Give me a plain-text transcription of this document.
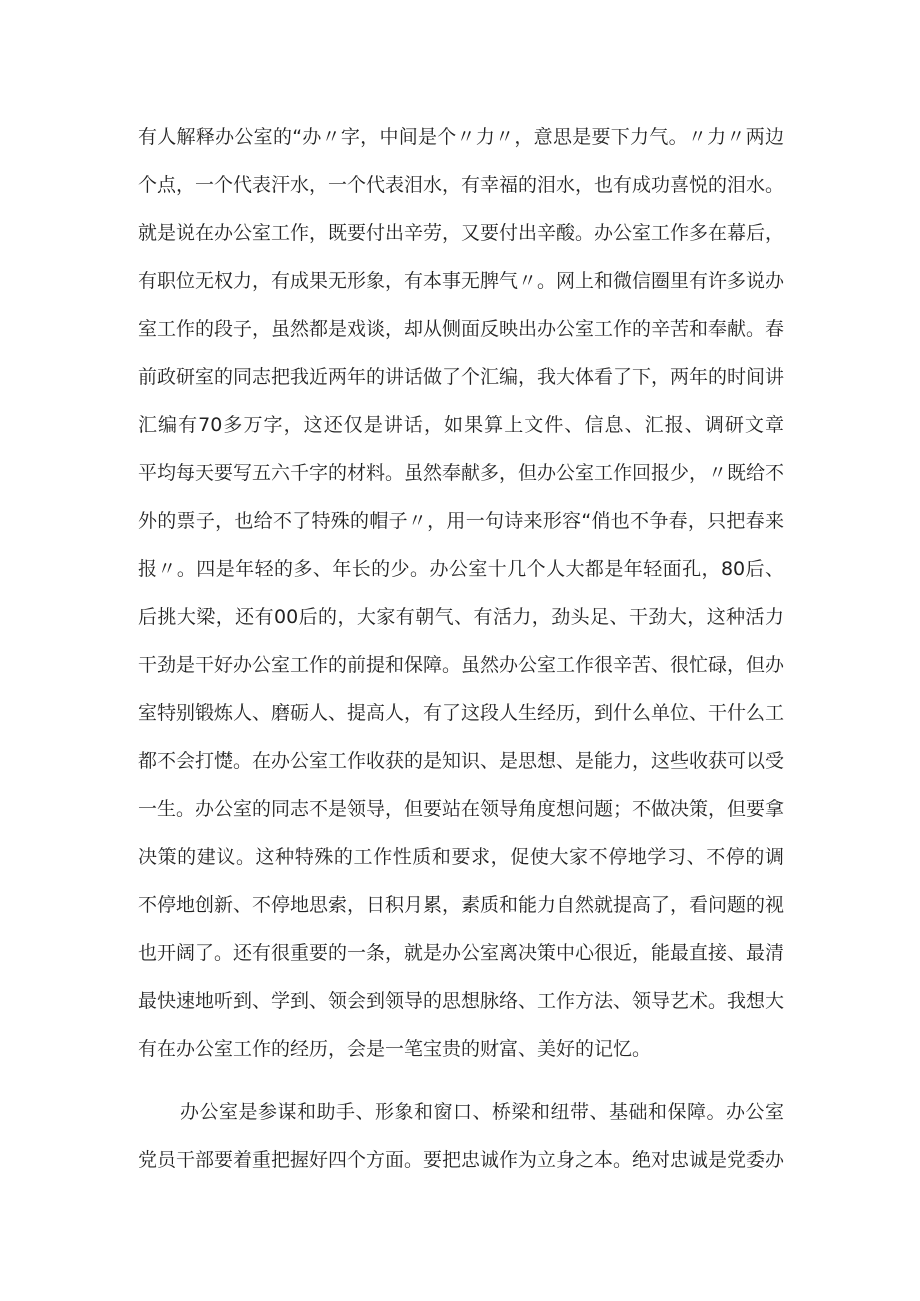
有人解释办公室的“办〃字，中间是个〃力〃，意思是要下力气。〃力〃两边
个点，一个代表汗水，一个代表泪水，有幸福的泪水，也有成功喜悦的泪水。
就是说在办公室工作，既要付出辛劳，又要付出辛酸。办公室工作多在幕后，
有职位无权力，有成果无形象，有本事无脾气〃。网上和微信圈里有许多说办
室工作的段子，虽然都是戏谈，却从侧面反映出办公室工作的辛苦和奉献。春
前政研室的同志把我近两年的讲话做了个汇编，我大体看了下，两年的时间讲
汇编有70多万字，这还仅是讲话，如果算上文件、信息、汇报、调研文章
平均每天要写五六千字的材料。虽然奉献多，但办公室工作回报少，〃既给不
外的票子，也给不了特殊的帽子〃，用一句诗来形容“俏也不争春，只把春来
报〃。四是年轻的多、年长的少。办公室十几个人大都是年轻面孔，80后、
后挑大梁，还有00后的，大家有朝气、有活力，劲头足、干劲大，这种活力
干劲是干好办公室工作的前提和保障。虽然办公室工作很辛苦、很忙碌，但办
室特别锻炼人、磨砺人、提高人，有了这段人生经历，到什么单位、干什么工
都不会打憷。在办公室工作收获的是知识、是思想、是能力，这些收获可以受
一生。办公室的同志不是领导，但要站在领导角度想问题；不做决策，但要拿
决策的建议。这种特殊的工作性质和要求，促使大家不停地学习、不停的调
不停地创新、不停地思索，日积月累，素质和能力自然就提高了，看问题的视
也开阔了。还有很重要的一条，就是办公室离决策中心很近，能最直接、最清
最快速地听到、学到、领会到领导的思想脉络、工作方法、领导艺术。我想大
有在办公室工作的经历，会是一笔宝贵的财富、美好的记忆。
办公室是参谋和助手、形象和窗口、桥梁和纽带、基础和保障。办公室
党员干部要着重把握好四个方面。要把忠诚作为立身之本。绝对忠诚是党委办
